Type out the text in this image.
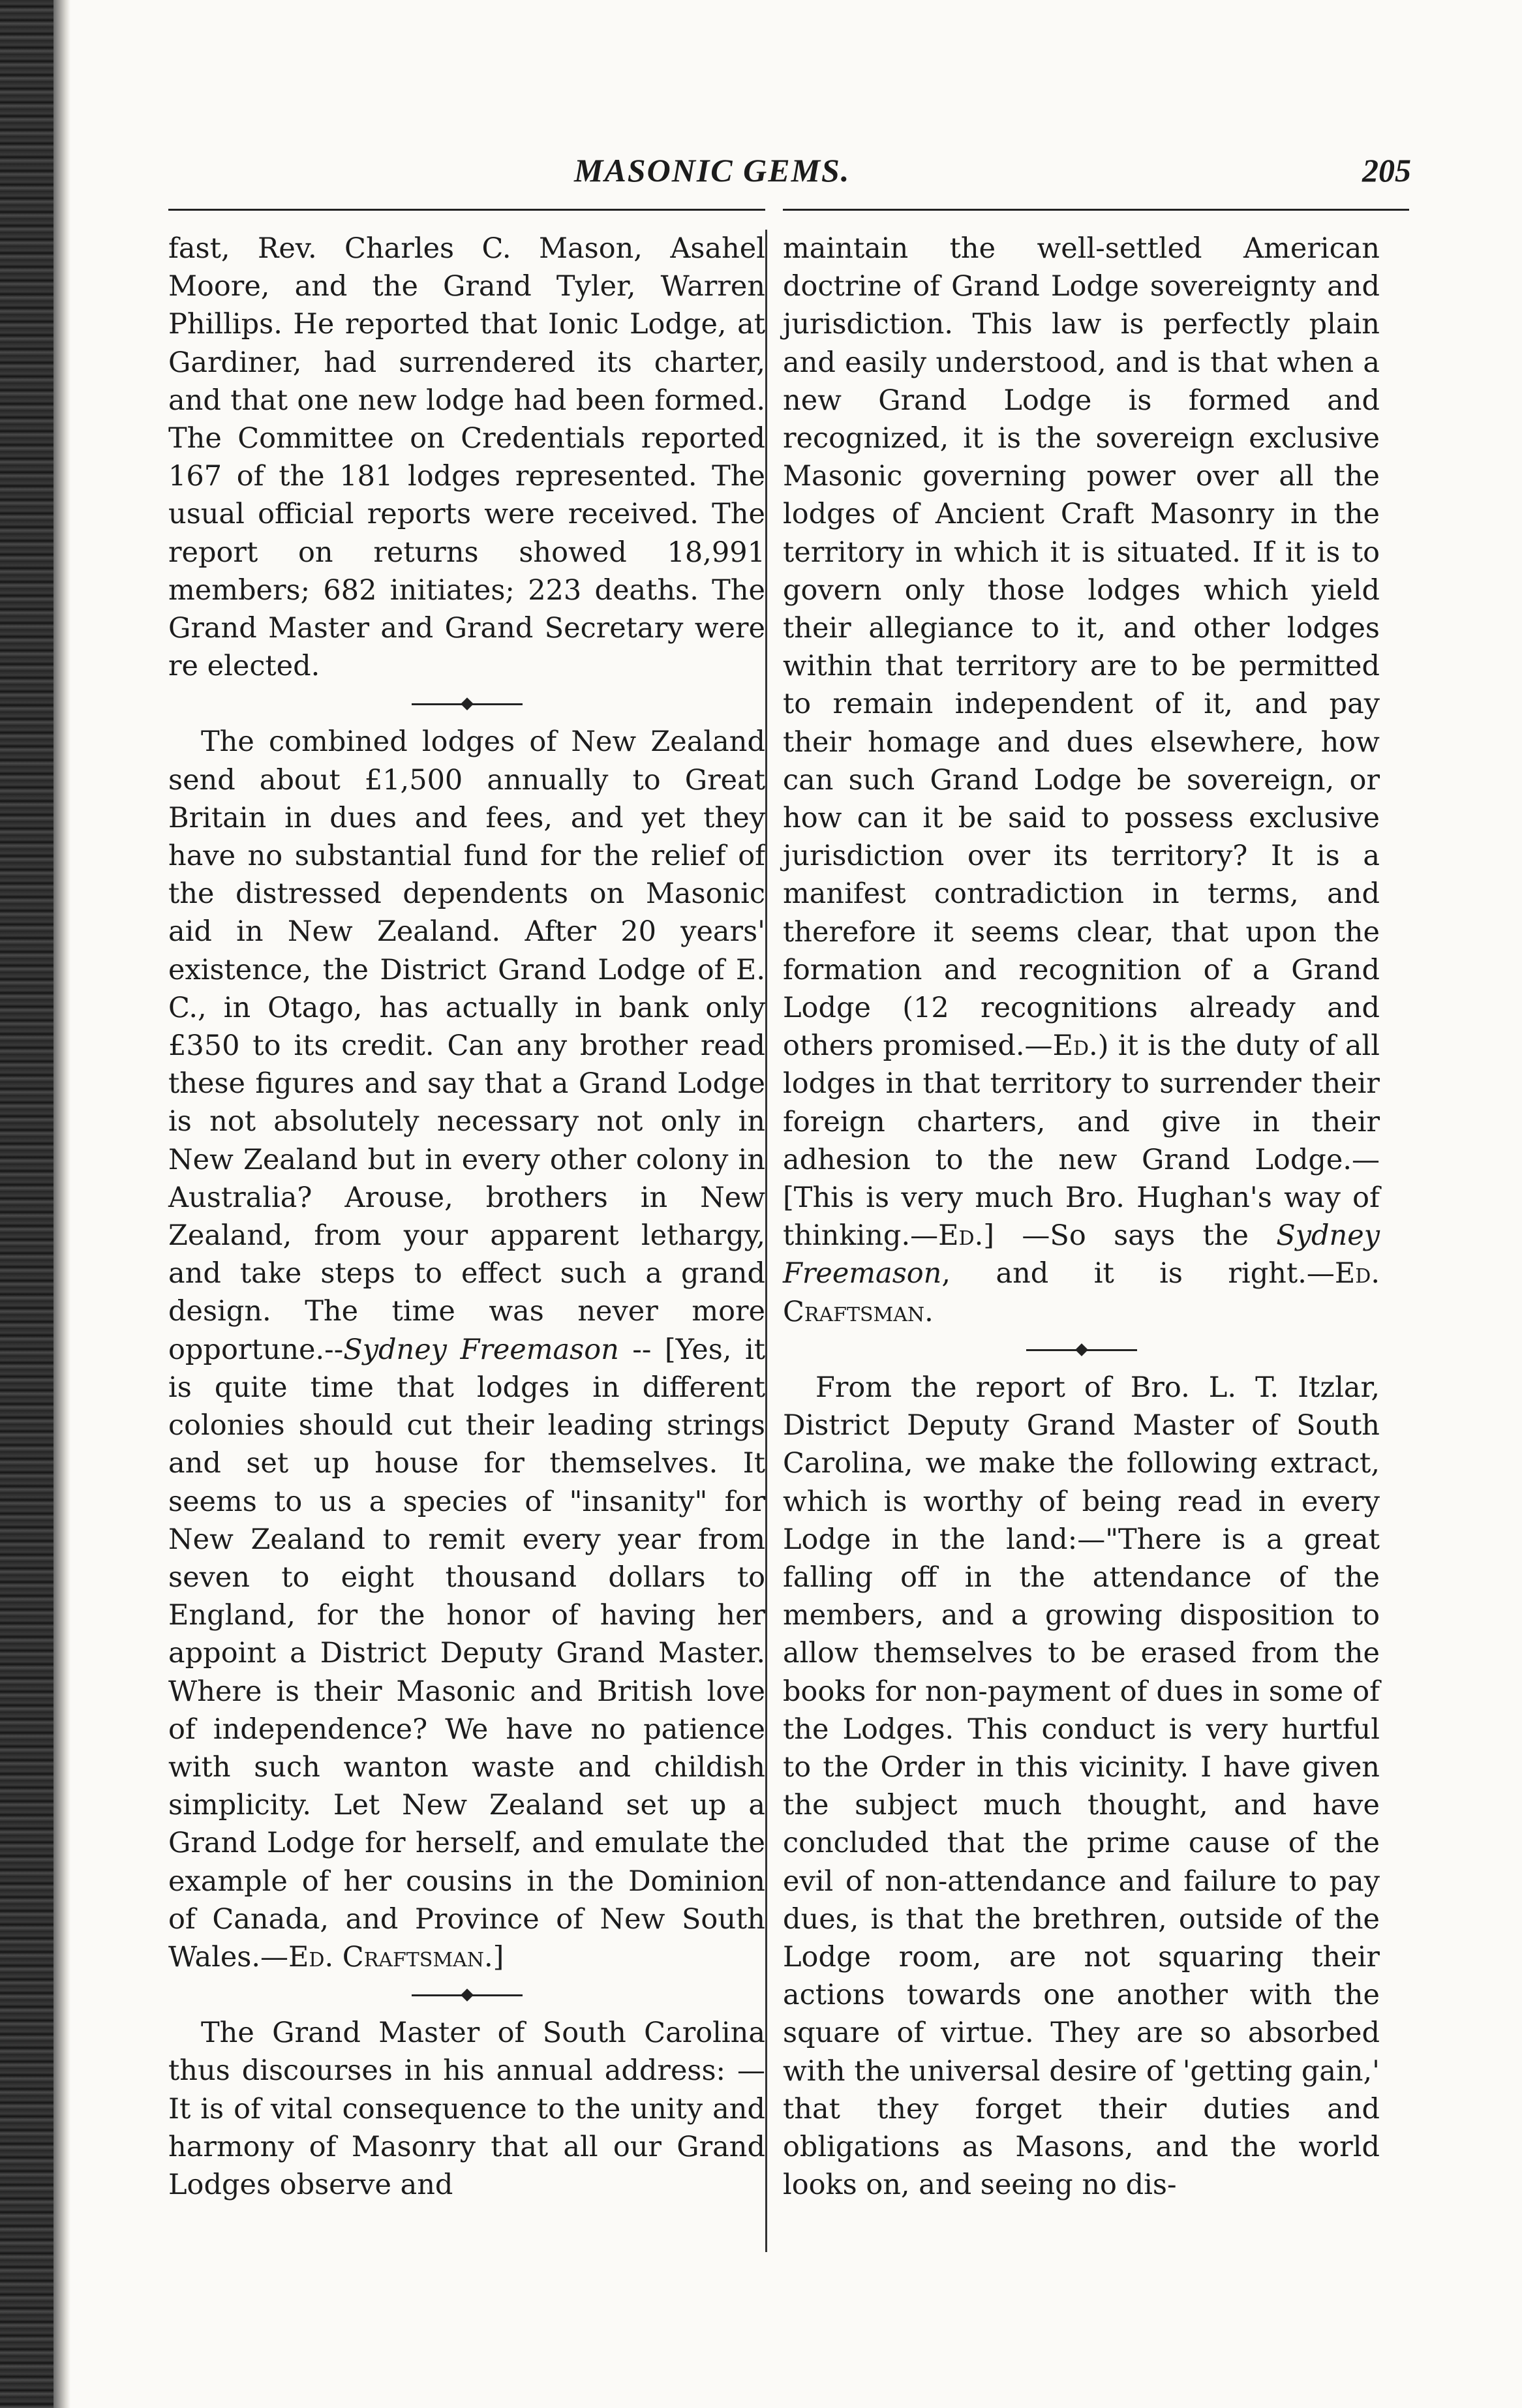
MASONIC GEMS.	205

fast, Rev. Charles C. Mason, Asahel Moore, and the Grand Tyler, Warren Phillips. He reported that Ionic Lodge, at Gardiner, had surrendered its charter, and that one new lodge had been formed. The Committee on Credentials reported 167 of the 181 lodges represented. The usual official reports were received. The report on returns showed 18,991 members; 682 initiates; 223 deaths. The Grand Master and Grand Secretary were re elected.

The combined lodges of New Zealand send about £1,500 annually to Great Britain in dues and fees, and yet they have no substantial fund for the relief of the distressed dependents on Masonic aid in New Zealand. After 20 years' existence, the District Grand Lodge of E. C., in Otago, has actually in bank only £350 to its credit. Can any brother read these figures and say that a Grand Lodge is not absolutely necessary not only in New Zealand but in every other colony in Australia? Arouse, brothers in New Zealand, from your apparent lethargy, and take steps to effect such a grand design. The time was never more opportune.--Sydney Freemason -- [Yes, it is quite time that lodges in different colonies should cut their leading strings and set up house for themselves. It seems to us a species of "insanity" for New Zealand to remit every year from seven to eight thousand dollars to England, for the honor of having her appoint a District Deputy Grand Master. Where is their Masonic and British love of independence? We have no patience with such wanton waste and childish simplicity. Let New Zealand set up a Grand Lodge for herself, and emulate the example of her cousins in the Dominion of Canada, and Province of New South Wales.—Ed. Craftsman.]

The Grand Master of South Carolina thus discourses in his annual address: —It is of vital consequence to the unity and harmony of Masonry that all our Grand Lodges observe and

maintain the well-settled American doctrine of Grand Lodge sovereignty and jurisdiction. This law is perfectly plain and easily understood, and is that when a new Grand Lodge is formed and recognized, it is the sovereign exclusive Masonic governing power over all the lodges of Ancient Craft Masonry in the territory in which it is situated. If it is to govern only those lodges which yield their allegiance to it, and other lodges within that territory are to be permitted to remain independent of it, and pay their homage and dues elsewhere, how can such Grand Lodge be sovereign, or how can it be said to possess exclusive jurisdiction over its territory? It is a manifest contradiction in terms, and therefore it seems clear, that upon the formation and recognition of a Grand Lodge (12 recognitions already and others promised.—Ed.) it is the duty of all lodges in that territory to surrender their foreign charters, and give in their adhesion to the new Grand Lodge.— [This is very much Bro. Hughan's way of thinking.—Ed.] —So says the Sydney Freemason, and it is right.—Ed. Craftsman.

From the report of Bro. L. T. Itzlar, District Deputy Grand Master of South Carolina, we make the following extract, which is worthy of being read in every Lodge in the land:—"There is a great falling off in the attendance of the members, and a growing disposition to allow themselves to be erased from the books for non-payment of dues in some of the Lodges. This conduct is very hurtful to the Order in this vicinity. I have given the subject much thought, and have concluded that the prime cause of the evil of non-attendance and failure to pay dues, is that the brethren, outside of the Lodge room, are not squaring their actions towards one another with the square of virtue. They are so absorbed with the universal desire of 'getting gain,' that they forget their duties and obligations as Masons, and the world looks on, and seeing no dis-
